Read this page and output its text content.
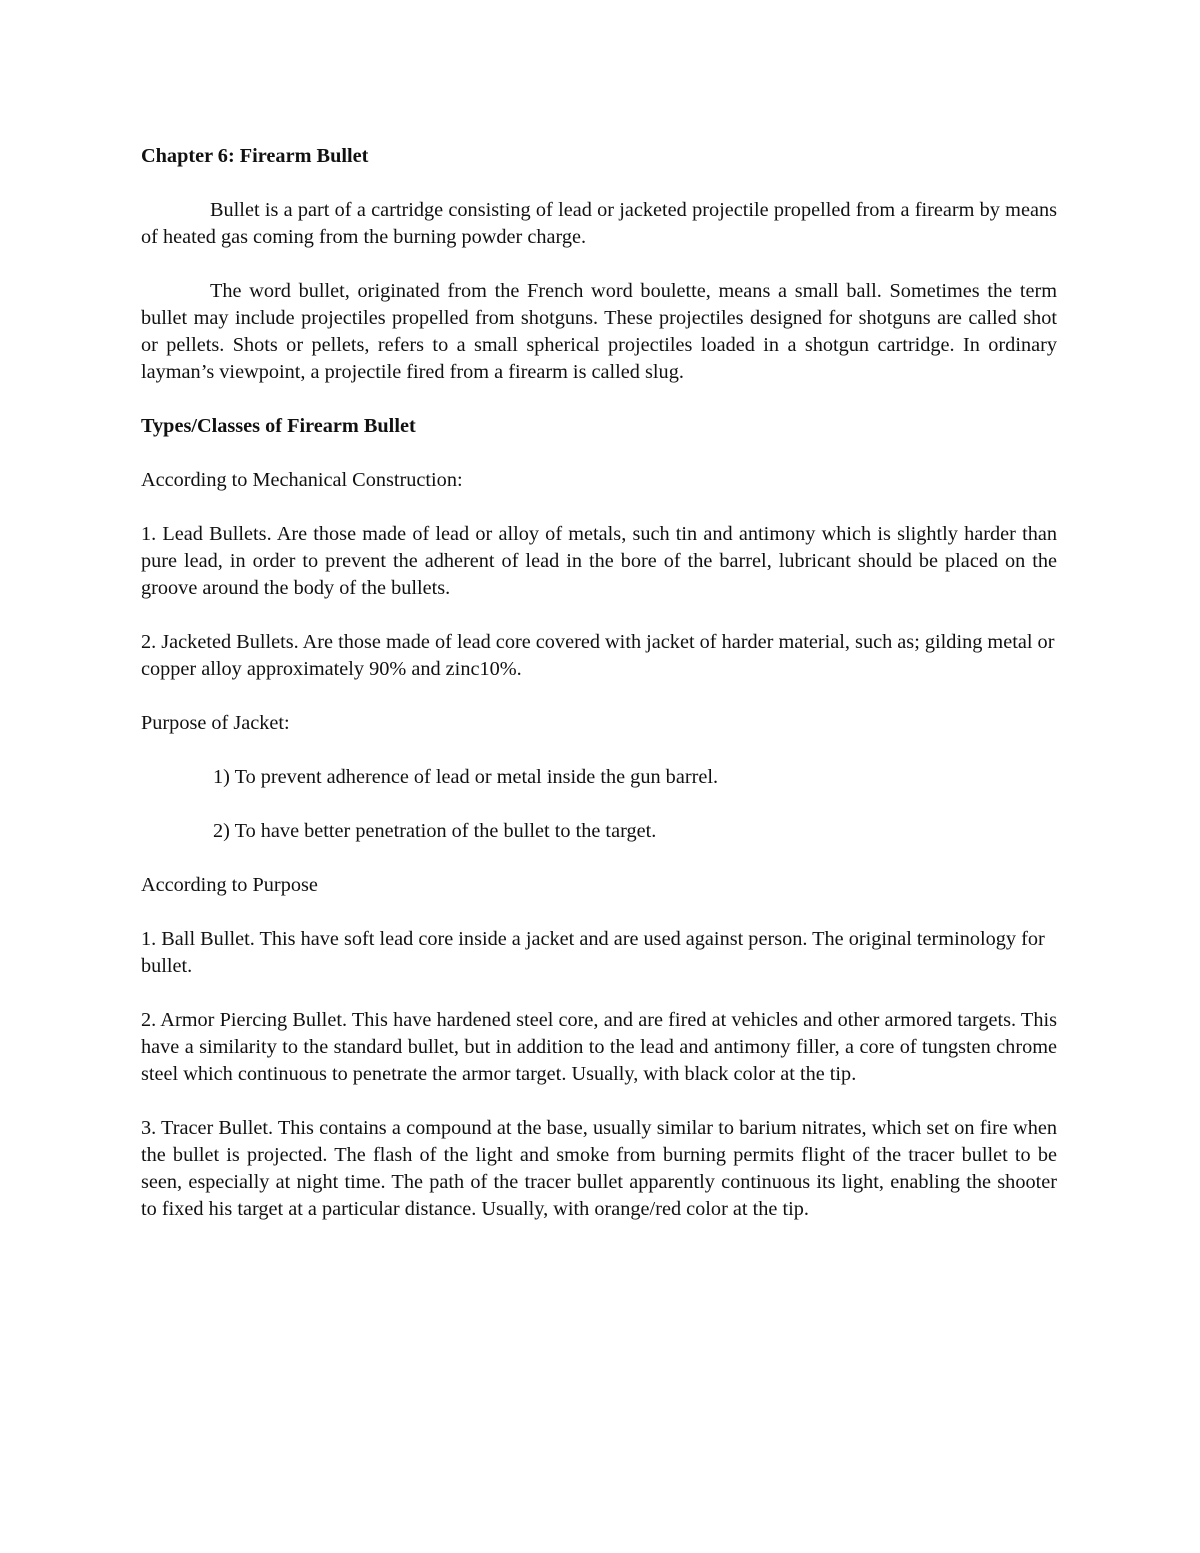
Chapter 6: Firearm Bullet

Bullet is a part of a cartridge consisting of lead or jacketed projectile propelled from a firearm by means of heated gas coming from the burning powder charge.

The word bullet, originated from the French word boulette, means a small ball. Sometimes the term bullet may include projectiles propelled from shotguns. These projectiles designed for shotguns are called shot or pellets. Shots or pellets, refers to a small spherical projectiles loaded in a shotgun cartridge. In ordinary layman’s viewpoint, a projectile fired from a firearm is called slug.

Types/Classes of Firearm Bullet

According to Mechanical Construction:

1. Lead Bullets. Are those made of lead or alloy of metals, such tin and antimony which is slightly harder than pure lead, in order to prevent the adherent of lead in the bore of the barrel, lubricant should be placed on the groove around the body of the bullets.

2. Jacketed Bullets. Are those made of lead core covered with jacket of harder material, such as; gilding metal or copper alloy approximately 90% and zinc10%.

Purpose of Jacket:

1) To prevent adherence of lead or metal inside the gun barrel.

2) To have better penetration of the bullet to the target.

According to Purpose

1. Ball Bullet. This have soft lead core inside a jacket and are used against person. The original terminology for bullet.

2. Armor Piercing Bullet. This have hardened steel core, and are fired at vehicles and other armored targets. This have a similarity to the standard bullet, but in addition to the lead and antimony filler, a core of tungsten chrome steel which continuous to penetrate the armor target. Usually, with black color at the tip.

3. Tracer Bullet. This contains a compound at the base, usually similar to barium nitrates, which set on fire when the bullet is projected. The flash of the light and smoke from burning permits flight of the tracer bullet to be seen, especially at night time. The path of the tracer bullet apparently continuous its light, enabling the shooter to fixed his target at a particular distance. Usually, with orange/red color at the tip.
